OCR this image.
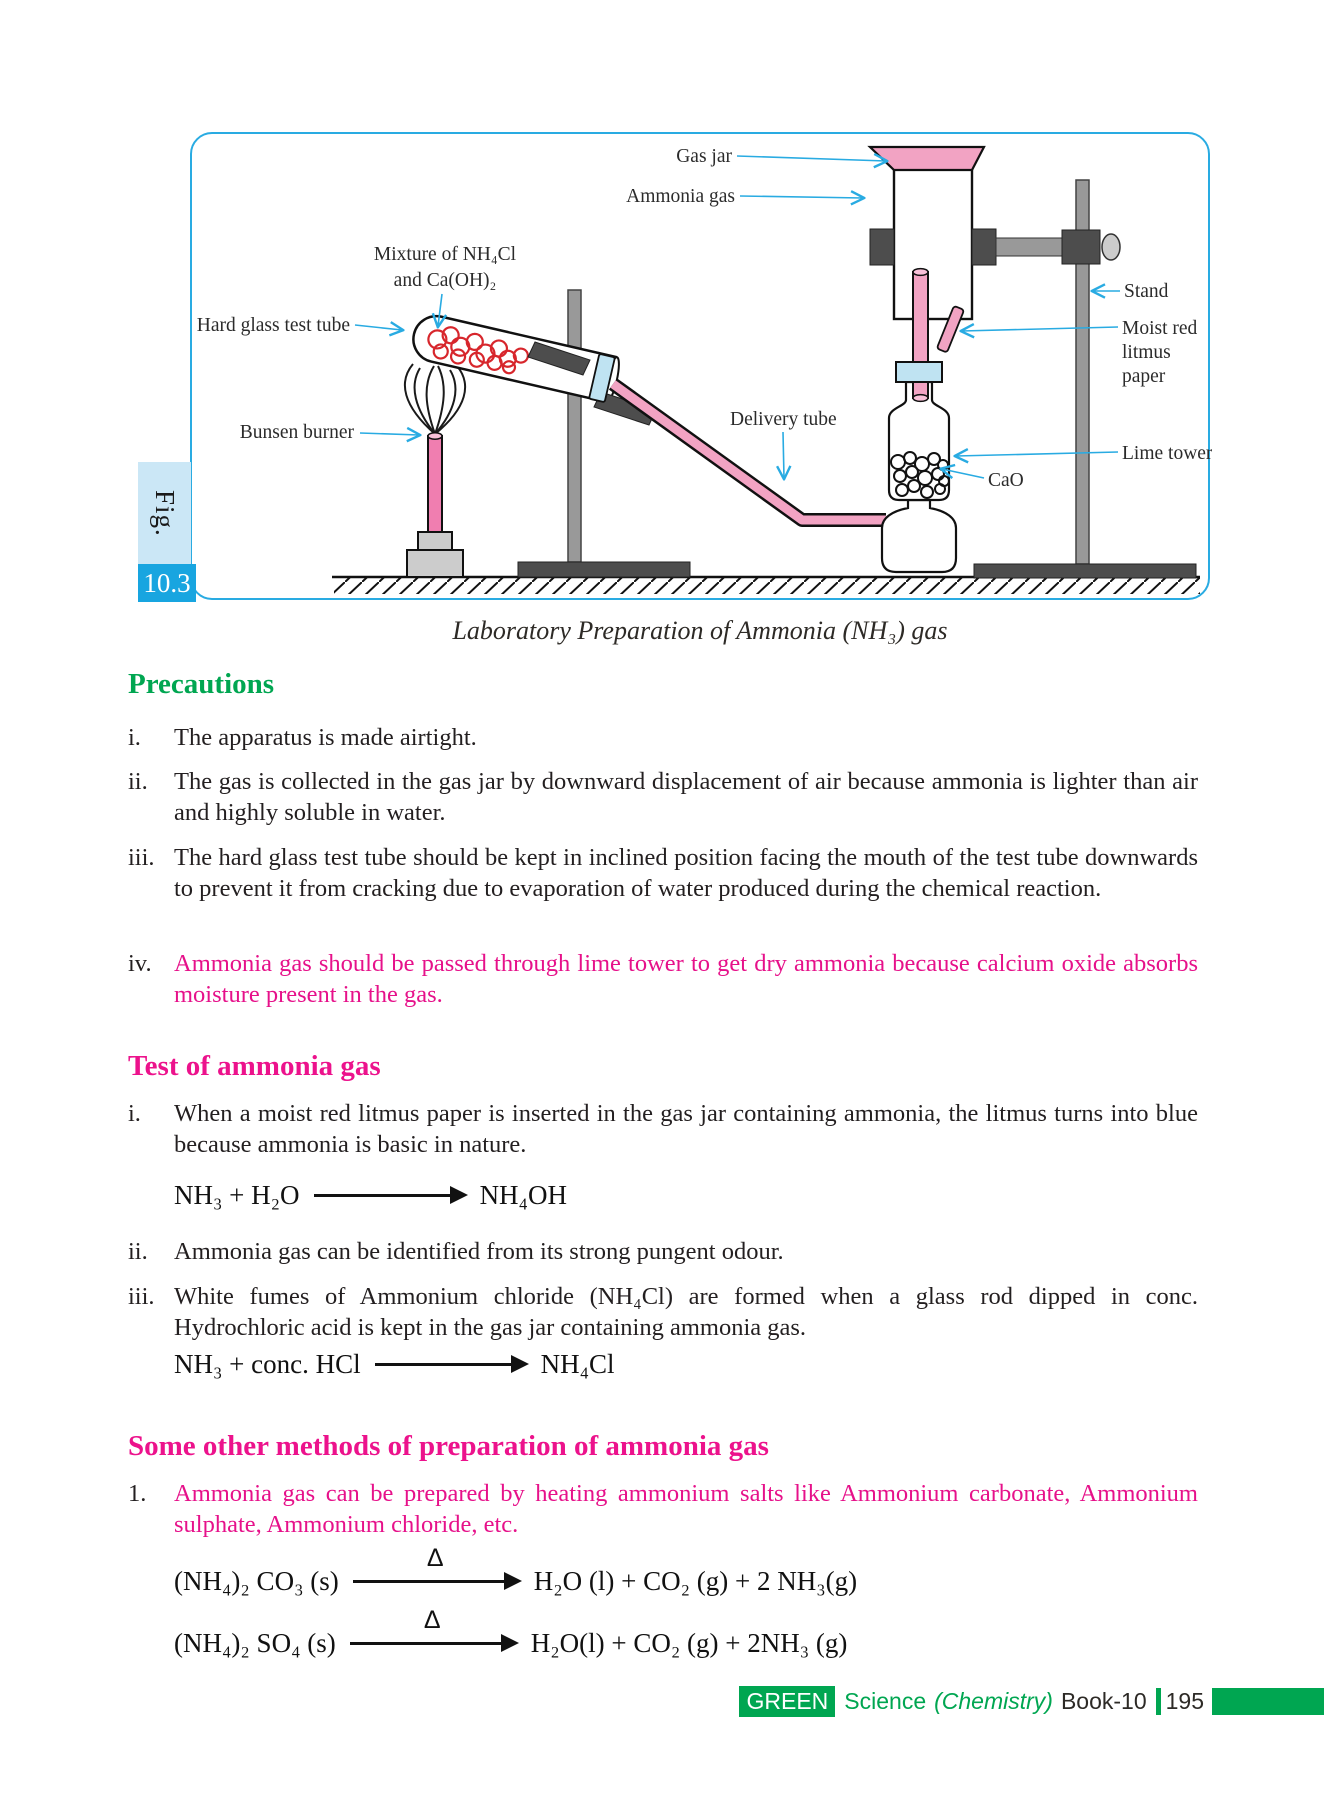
Gas jar
Ammonia gas
Mixture of NH₄Cl
and Ca(OH)₂
Hard glass test tube
Bunsen burner
Delivery tube
Stand
Moist red
litmus
paper
Lime tower
CaO
Fig.
10.3
Laboratory Preparation of Ammonia (NH₃) gas
Precautions
i.	The apparatus is made airtight.
ii.	The gas is collected in the gas jar by downward displacement of air because ammonia is lighter than air and highly soluble in water.
iii. The hard glass test tube should be kept in inclined position facing the mouth of the test tube downwards to prevent it from cracking due to evaporation of water produced during the chemical reaction.
iv. Ammonia gas should be passed through lime tower to get dry ammonia because calcium oxide absorbs moisture present in the gas.
Test of ammonia gas
i.	When a moist red litmus paper is inserted in the gas jar containing ammonia, the litmus turns into blue because ammonia is basic in nature.
NH₃ + H₂O	NH₄OH
ii.	Ammonia gas can be identified from its strong pungent odour.
iii. White fumes of Ammonium chloride (NH₄Cl) are formed when a glass rod dipped in conc. Hydrochloric acid is kept in the gas jar containing ammonia gas.
NH₃ + conc. HCl	NH₄Cl
Some other methods of preparation of ammonia gas
1.	Ammonia gas can be prepared by heating ammonium salts like Ammonium carbonate, Ammonium sulphate, Ammonium chloride, etc.
(NH₄)₂ CO₃ (s)
Δ
H₂O (l) + CO₂ (g) + 2 NH₃(g)
(NH₄)₂ SO₄ (s)
Δ
H₂O(l) + CO₂ (g) + 2NH₃ (g)
GREEN Science (Chemistry) Book-10 195
